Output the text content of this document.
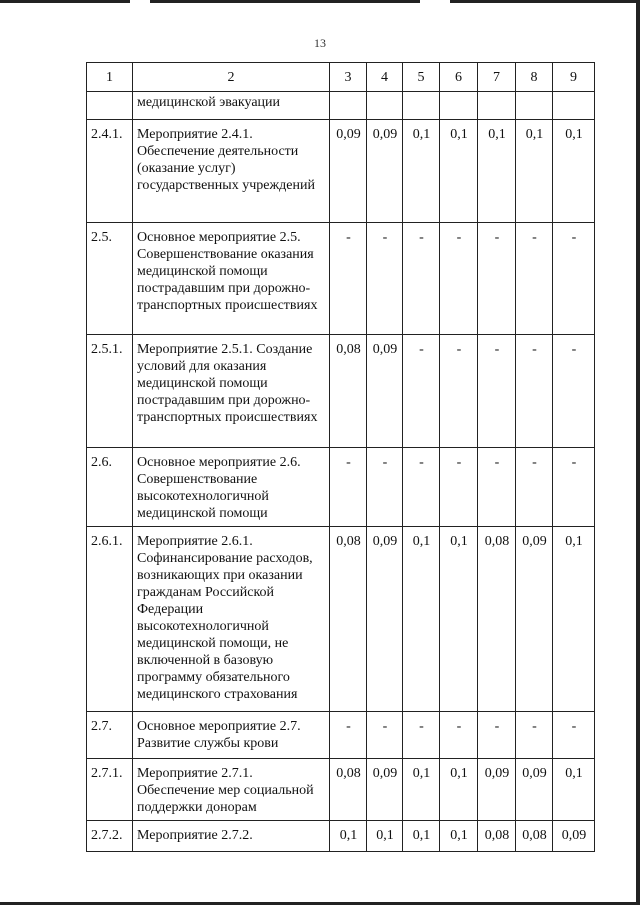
13
1	2	3	4	5	6	7	8	9
	медицинской эвакуации							
2.4.1.	Мероприятие 2.4.1. Обеспечение деятельности (оказание услуг) государственных учреждений	0,09	0,09	0,1	0,1	0,1	0,1	0,1
2.5.	Основное мероприятие 2.5. Совершенствование оказания медицинской помощи пострадавшим при дорожно-транспортных происшествиях	-	-	-	-	-	-	-
2.5.1.	Мероприятие 2.5.1. Создание условий для оказания медицинской помощи пострадавшим при дорожно-транспортных происшествиях	0,08	0,09	-	-	-	-	-
2.6.	Основное мероприятие 2.6. Совершенствование высокотехнологичной медицинской помощи	-	-	-	-	-	-	-
2.6.1.	Мероприятие 2.6.1. Софинансирование расходов, возникающих при оказании гражданам Российской Федерации высокотехнологичной медицинской помощи, не включенной в базовую программу обязательного медицинского страхования	0,08	0,09	0,1	0,1	0,08	0,09	0,1
2.7.	Основное мероприятие 2.7. Развитие службы крови	-	-	-	-	-	-	-
2.7.1.	Мероприятие 2.7.1. Обеспечение мер социальной поддержки донорам	0,08	0,09	0,1	0,1	0,09	0,09	0,1
2.7.2.	Мероприятие 2.7.2.	0,1	0,1	0,1	0,1	0,08	0,08	0,09
